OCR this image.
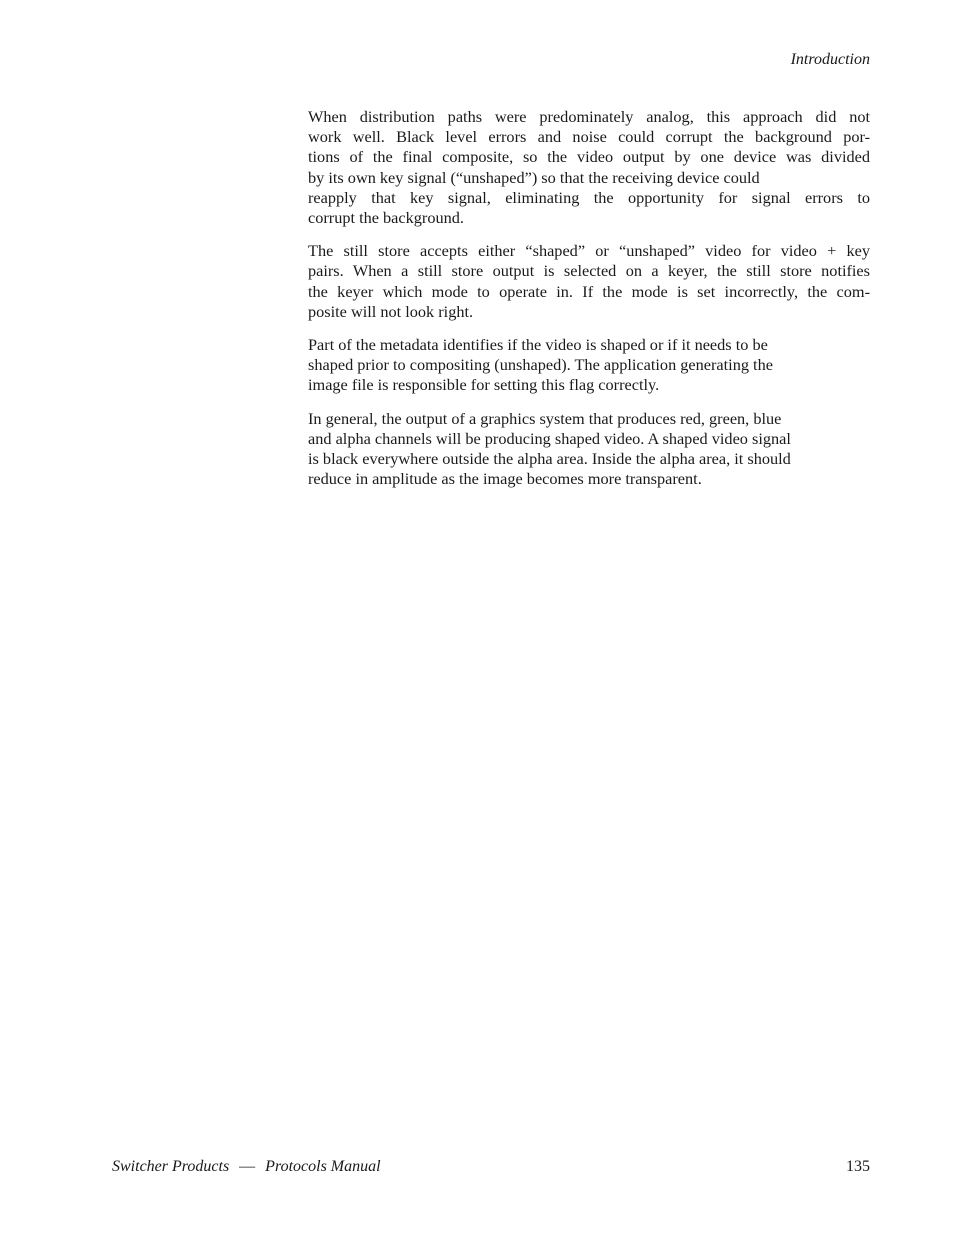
Introduction

When distribution paths were predominately analog, this approach did not
work well. Black level errors and noise could corrupt the background por-
tions of the final composite, so the video output by one device was divided
by its own key signal (“unshaped”) so that the receiving device could
reapply that key signal, eliminating the opportunity for signal errors to
corrupt the background.

The still store accepts either “shaped” or “unshaped” video for video + key
pairs. When a still store output is selected on a keyer, the still store notifies
the keyer which mode to operate in. If the mode is set incorrectly, the com-
posite will not look right.

Part of the metadata identifies if the video is shaped or if it needs to be
shaped prior to compositing (unshaped). The application generating the
image file is responsible for setting this flag correctly.

In general, the output of a graphics system that produces red, green, blue
and alpha channels will be producing shaped video. A shaped video signal
is black everywhere outside the alpha area. Inside the alpha area, it should
reduce in amplitude as the image becomes more transparent.

Switcher Products — Protocols Manual	135
